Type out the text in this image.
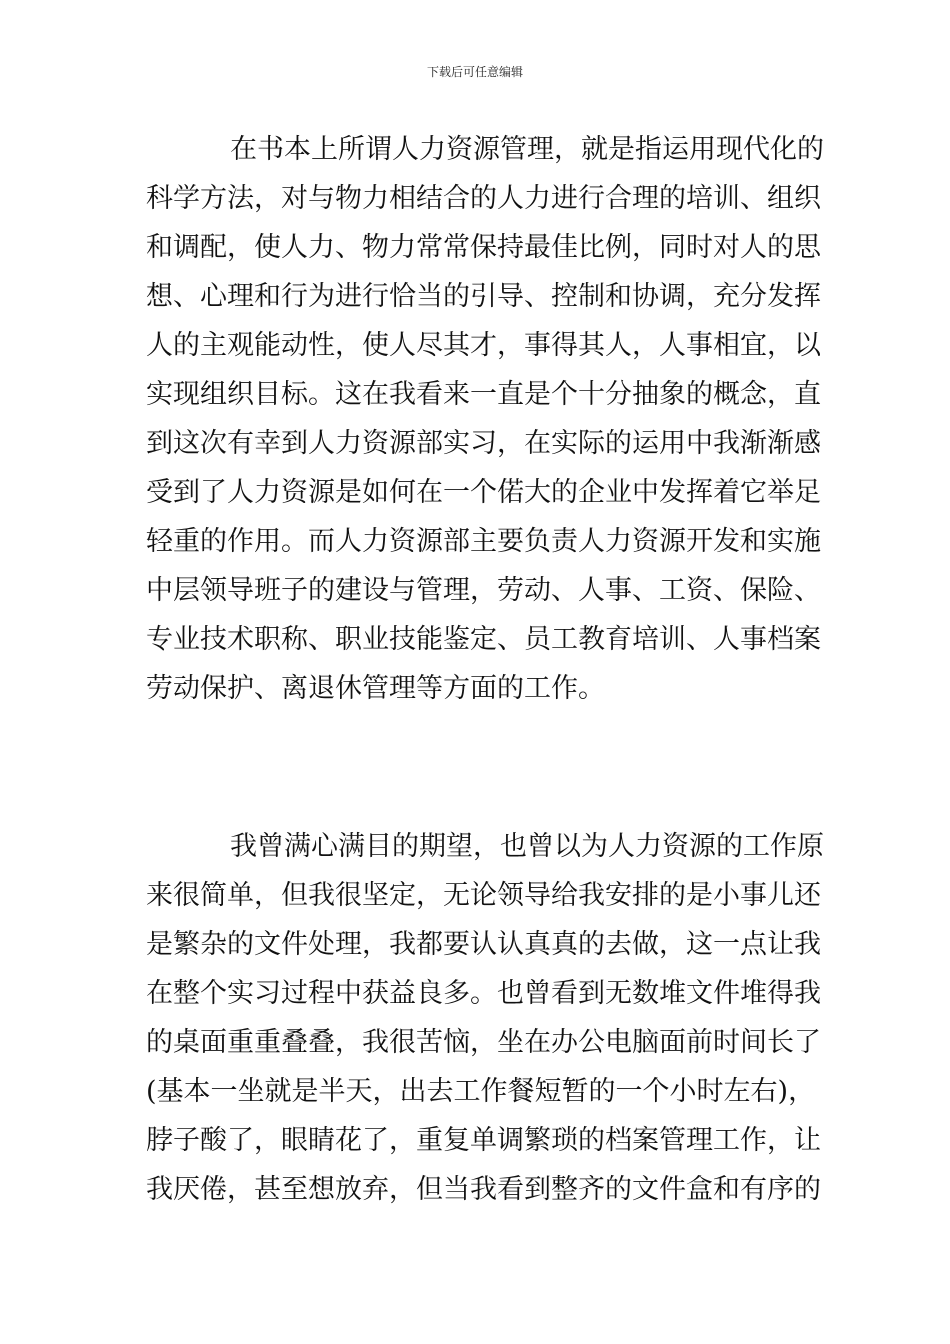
下载后可任意编辑
在书本上所谓人力资源管理，就是指运用现代化的
科学方法，对与物力相结合的人力进行合理的培训、组织
和调配，使人力、物力常常保持最佳比例，同时对人的思
想、心理和行为进行恰当的引导、控制和协调，充分发挥
人的主观能动性，使人尽其才，事得其人，人事相宜，以
实现组织目标。这在我看来一直是个十分抽象的概念，直
到这次有幸到人力资源部实习，在实际的运用中我渐渐感
受到了人力资源是如何在一个偌大的企业中发挥着它举足
轻重的作用。而人力资源部主要负责人力资源开发和实施
中层领导班子的建设与管理，劳动、人事、工资、保险、
专业技术职称、职业技能鉴定、员工教育培训、人事档案
劳动保护、离退休管理等方面的工作。
我曾满心满目的期望，也曾以为人力资源的工作原
来很简单，但我很坚定，无论领导给我安排的是小事儿还
是繁杂的文件处理，我都要认认真真的去做，这一点让我
在整个实习过程中获益良多。也曾看到无数堆文件堆得我
的桌面重重叠叠，我很苦恼，坐在办公电脑面前时间长了
(基本一坐就是半天，出去工作餐短暂的一个小时左右)，
脖子酸了，眼睛花了，重复单调繁琐的档案管理工作，让
我厌倦，甚至想放弃，但当我看到整齐的文件盒和有序的
